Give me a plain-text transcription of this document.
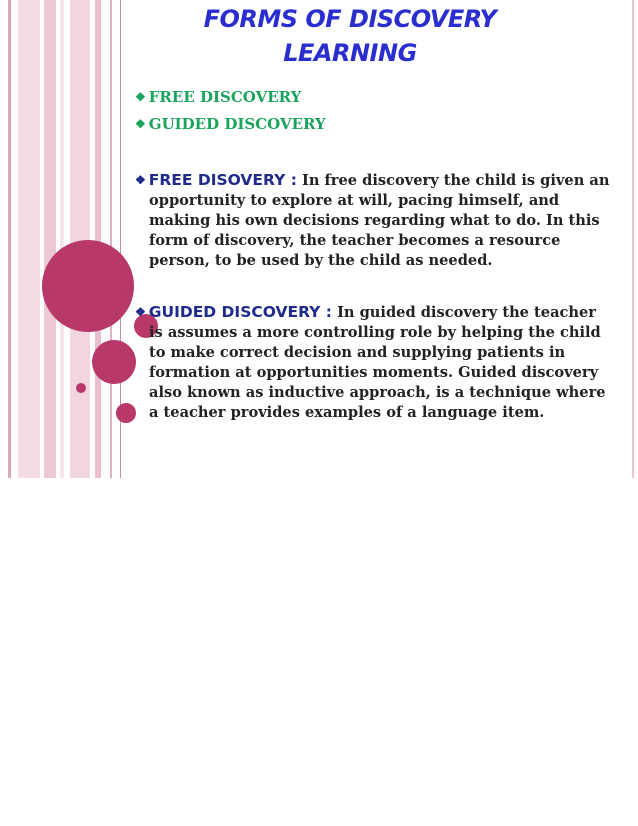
FORMS OF DISCOVERY
LEARNING
❖ FREE DISCOVERY
❖ GUIDED DISCOVERY
❖ FREE DISOVERY : In free discovery the child is given an opportunity to explore at will, pacing himself, and making his own decisions regarding what to do. In this form of discovery, the teacher becomes a resource person, to be used by the child as needed.
❖ GUIDED DISCOVERY : In guided discovery the teacher is assumes a more controlling role by helping the child to make correct decision and supplying patients in formation at opportunities moments. Guided discovery also known as inductive approach, is a technique where a teacher provides examples of a language item.
